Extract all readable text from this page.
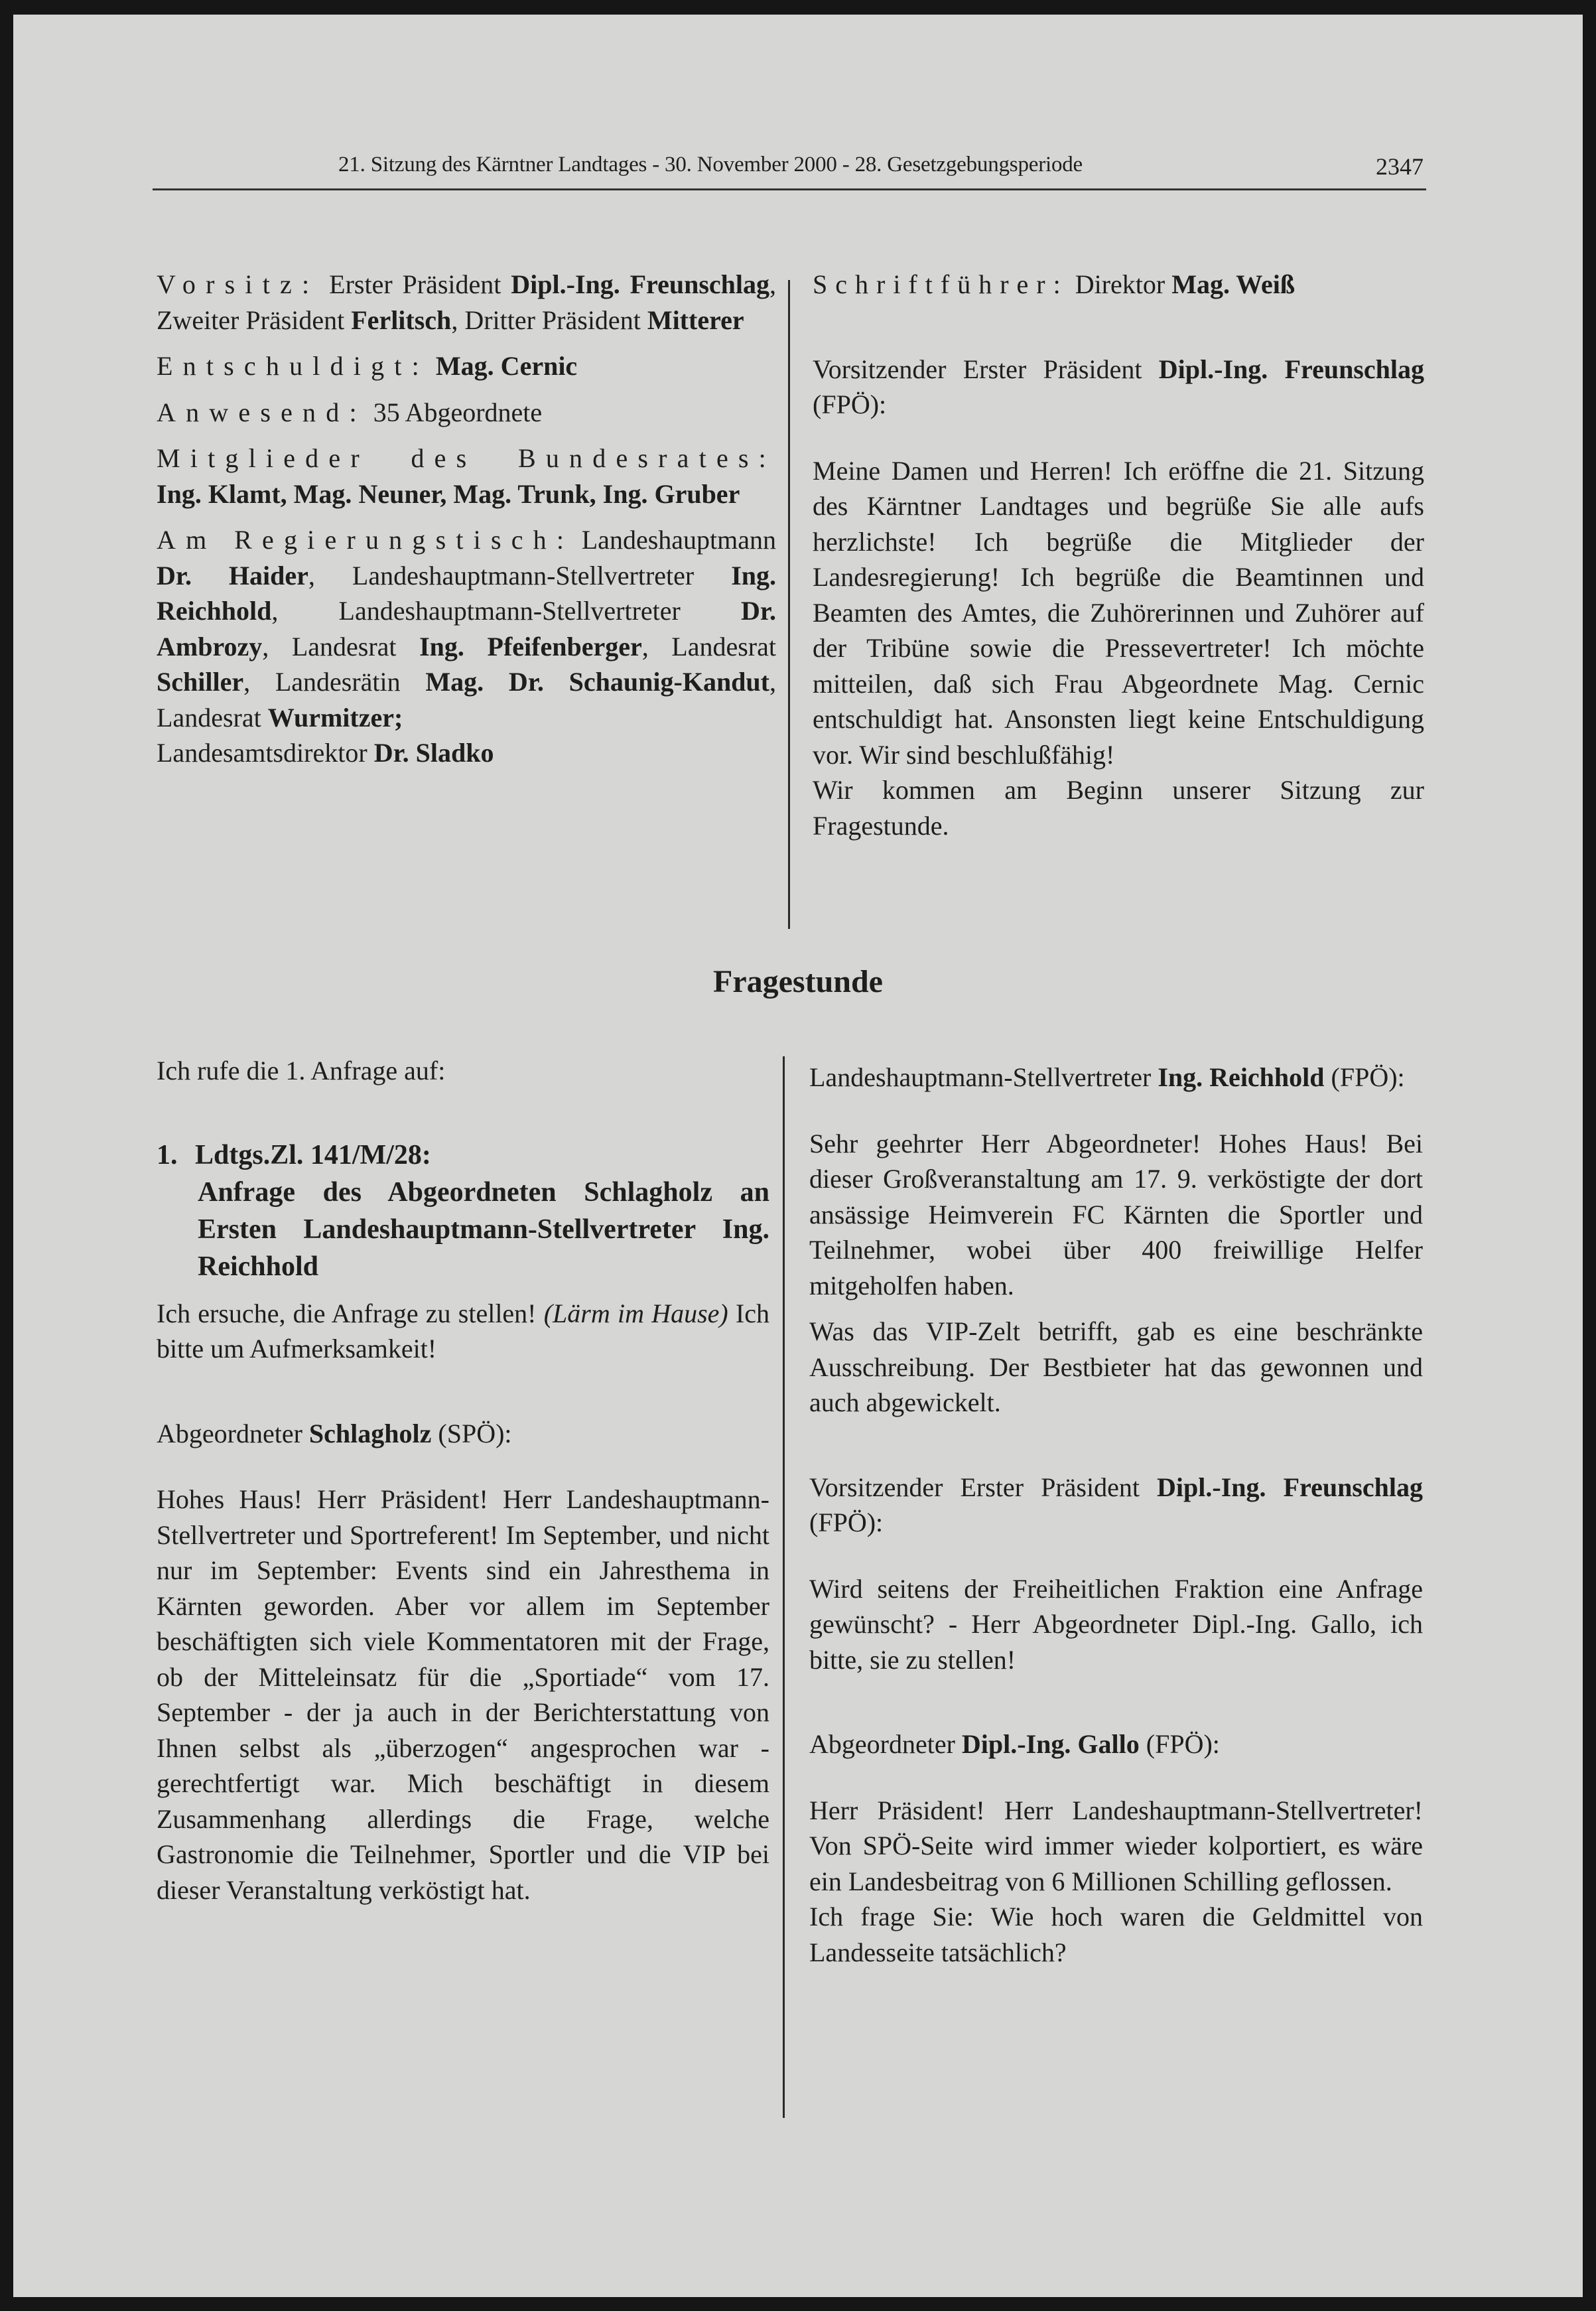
21. Sitzung des Kärntner Landtages - 30. November 2000 - 28. Gesetzgebungsperiode	2347

Vorsitz: Erster Präsident Dipl.-Ing. Freunschlag, Zweiter Präsident Ferlitsch, Dritter Präsident Mitterer

Entschuldigt: Mag. Cernic

Anwesend: 35 Abgeordnete

Mitglieder des Bundesrates: Ing. Klamt, Mag. Neuner, Mag. Trunk, Ing. Gruber

Am Regierungstisch: Landeshauptmann Dr. Haider, Landeshauptmann-Stellvertreter Ing. Reichhold, Landeshauptmann-Stellvertreter Dr. Ambrozy, Landesrat Ing. Pfeifenberger, Landesrat Schiller, Landesrätin Mag. Dr. Schaunig-Kandut, Landesrat Wurmitzer;

Landesamtsdirektor Dr. Sladko

Schriftführer: Direktor Mag. Weiß

Vorsitzender Erster Präsident Dipl.-Ing. Freunschlag (FPÖ):

Meine Damen und Herren! Ich eröffne die 21. Sitzung des Kärntner Landtages und begrüße Sie alle aufs herzlichste! Ich begrüße die Mitglieder der Landesregierung! Ich begrüße die Beamtinnen und Beamten des Amtes, die Zuhörerinnen und Zuhörer auf der Tribüne sowie die Pressevertreter! Ich möchte mitteilen, daß sich Frau Abgeordnete Mag. Cernic entschuldigt hat. Ansonsten liegt keine Entschuldigung vor. Wir sind beschlußfähig!

Wir kommen am Beginn unserer Sitzung zur Fragestunde.

Fragestunde

Ich rufe die 1. Anfrage auf:

1. Ldtgs.Zl. 141/M/28:

Anfrage des Abgeordneten Schlagholz an Ersten Landeshauptmann-Stellvertreter Ing. Reichhold

Ich ersuche, die Anfrage zu stellen! (Lärm im Hause) Ich bitte um Aufmerksamkeit!

Abgeordneter Schlagholz (SPÖ):

Hohes Haus! Herr Präsident! Herr Landeshauptmann-Stellvertreter und Sportreferent! Im September, und nicht nur im September: Events sind ein Jahresthema in Kärnten geworden. Aber vor allem im September beschäftigten sich viele Kommentatoren mit der Frage, ob der Mitteleinsatz für die „Sportiade“ vom 17. September - der ja auch in der Berichterstattung von Ihnen selbst als „überzogen“ angesprochen war - gerechtfertigt war. Mich beschäftigt in diesem Zusammenhang allerdings die Frage, welche Gastronomie die Teilnehmer, Sportler und die VIP bei dieser Veranstaltung verköstigt hat.

Landeshauptmann-Stellvertreter Ing. Reichhold (FPÖ):

Sehr geehrter Herr Abgeordneter! Hohes Haus! Bei dieser Großveranstaltung am 17. 9. verköstigte der dort ansässige Heimverein FC Kärnten die Sportler und Teilnehmer, wobei über 400 freiwillige Helfer mitgeholfen haben.

Was das VIP-Zelt betrifft, gab es eine beschränkte Ausschreibung. Der Bestbieter hat das gewonnen und auch abgewickelt.

Vorsitzender Erster Präsident Dipl.-Ing. Freunschlag (FPÖ):

Wird seitens der Freiheitlichen Fraktion eine Anfrage gewünscht? - Herr Abgeordneter Dipl.-Ing. Gallo, ich bitte, sie zu stellen!

Abgeordneter Dipl.-Ing. Gallo (FPÖ):

Herr Präsident! Herr Landeshauptmann-Stellvertreter! Von SPÖ-Seite wird immer wieder kolportiert, es wäre ein Landesbeitrag von 6 Millionen Schilling geflossen.

Ich frage Sie: Wie hoch waren die Geldmittel von Landesseite tatsächlich?
